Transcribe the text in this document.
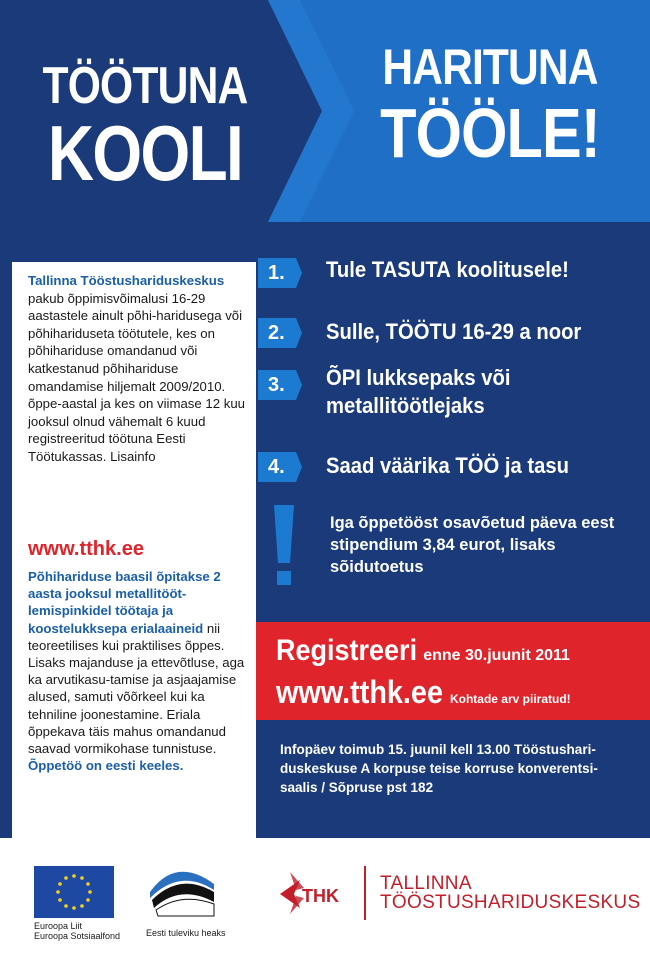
TÖÖTUNA
KOOLI
HARITUNA
TÖÖLE!
Tallinna Tööstushariduskeskus pakub õppimisvõimalusi 16-29 aastastele ainult põhi-haridusega või põhihariduseta töötutele, kes on põhihariduse omandanud või katkestanud põhihariduse omandamise hiljemalt 2009/2010. õppe-aastal ja kes on viimase 12 kuu jooksul olnud vähemalt 6 kuud registreeritud töötuna Eesti Töötukassas. Lisainfo
www.tthk.ee
Põhihariduse baasil õpitakse 2 aasta jooksul metallitööt-lemispinkidel töötaja ja koostelukksepa erialaaineid nii teoreetilises kui praktilises õppes. Lisaks majanduse ja ettevõtluse, aga ka arvutikasu-tamise ja asjaajamise alused, samuti võõrkeel kui ka tehniline joonestamine. Eriala õppekava täis mahus omandanud saavad vormikohase tunnistuse. Õppetöö on eesti keeles.
1. Tule TASUTA koolitusele!
2. Sulle, TÖÖTU 16-29 a noor
3. ÕPI lukksepaks või
metallitöötlejaks
4. Saad väärika TÖÖ ja tasu
Iga õppetööst osavõetud päeva eest stipendium 3,84 eurot, lisaks sõidutoetus
Registreeri enne 30.juunit 2011
www.tthk.ee Kohtade arv piiratud!
Infopäev toimub 15. juunil kell 13.00 Tööstushari-duskeskuse A korpuse teise korruse konverentsi-saalis / Sõpruse pst 182
Euroopa Liit
Euroopa Sotsiaalfond	Eesti tuleviku heaks
THK
TALLINNA
TÖÖSTUSHARIDUSKESKUS
